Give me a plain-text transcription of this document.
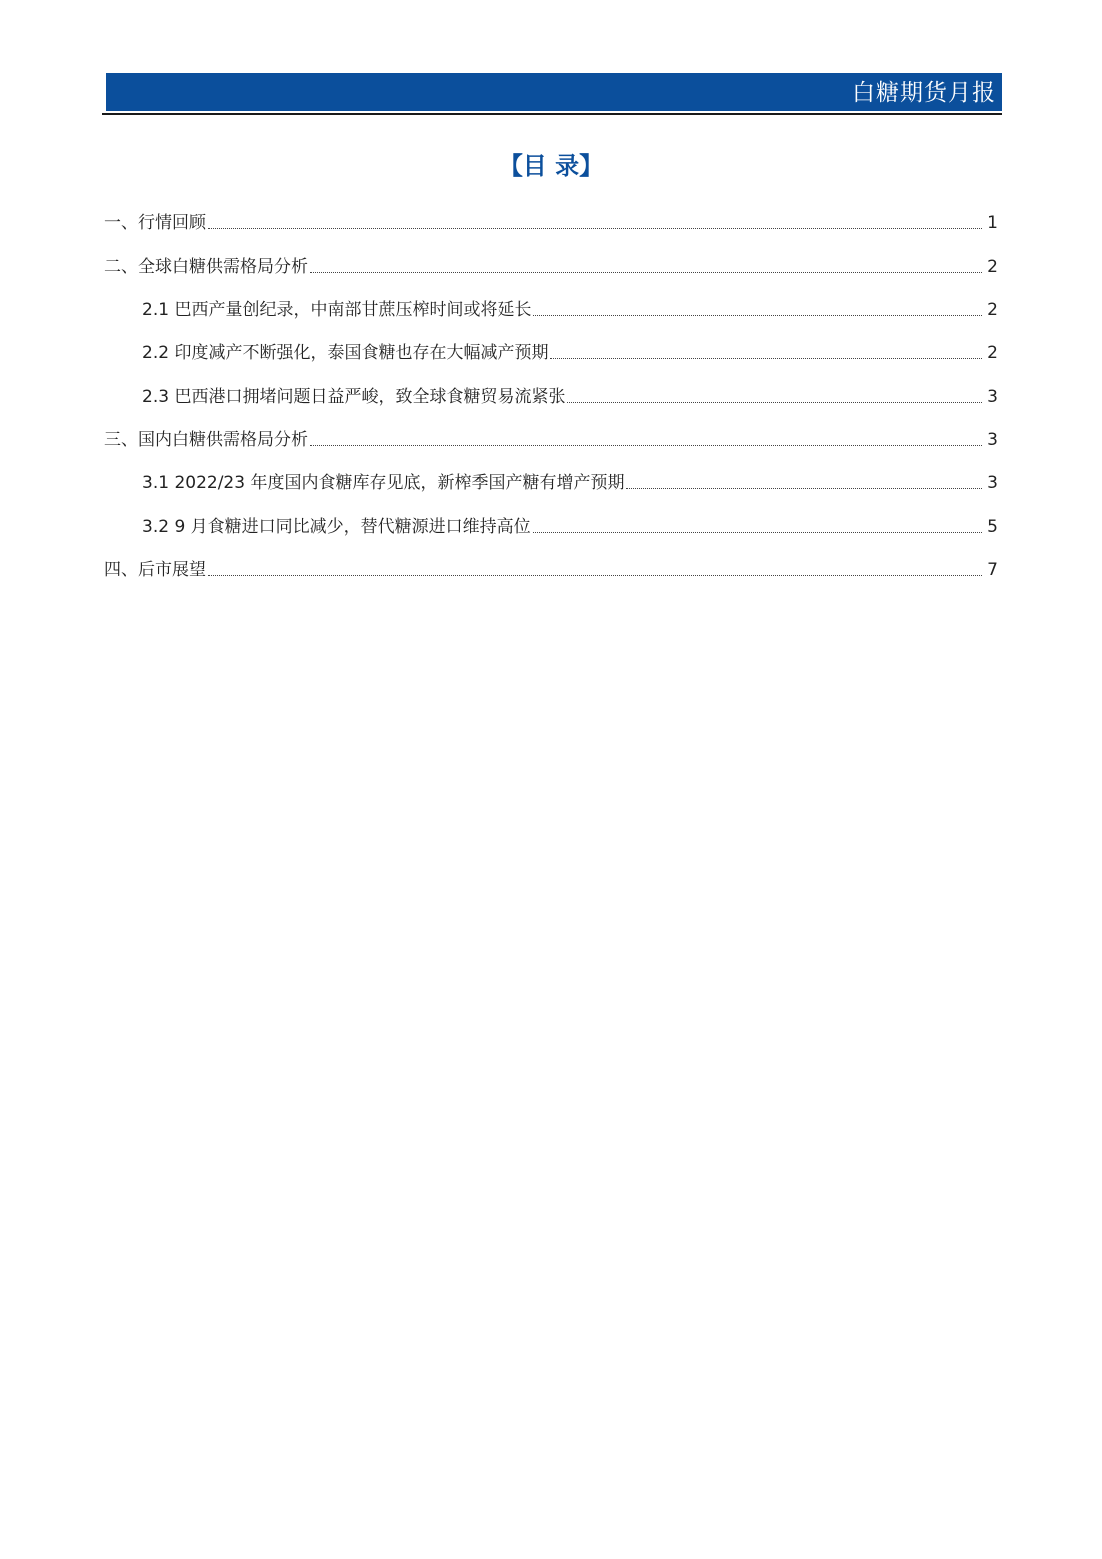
白糖期货月报
【目 录】
一、行情回顾	1
二、全球白糖供需格局分析	2
2.1 巴西产量创纪录，中南部甘蔗压榨时间或将延长	2
2.2 印度减产不断强化，泰国食糖也存在大幅减产预期	2
2.3 巴西港口拥堵问题日益严峻，致全球食糖贸易流紧张	3
三、国内白糖供需格局分析	3
3.1 2022/23 年度国内食糖库存见底，新榨季国产糖有增产预期	3
3.2 9 月食糖进口同比减少，替代糖源进口维持高位	5
四、后市展望	7
